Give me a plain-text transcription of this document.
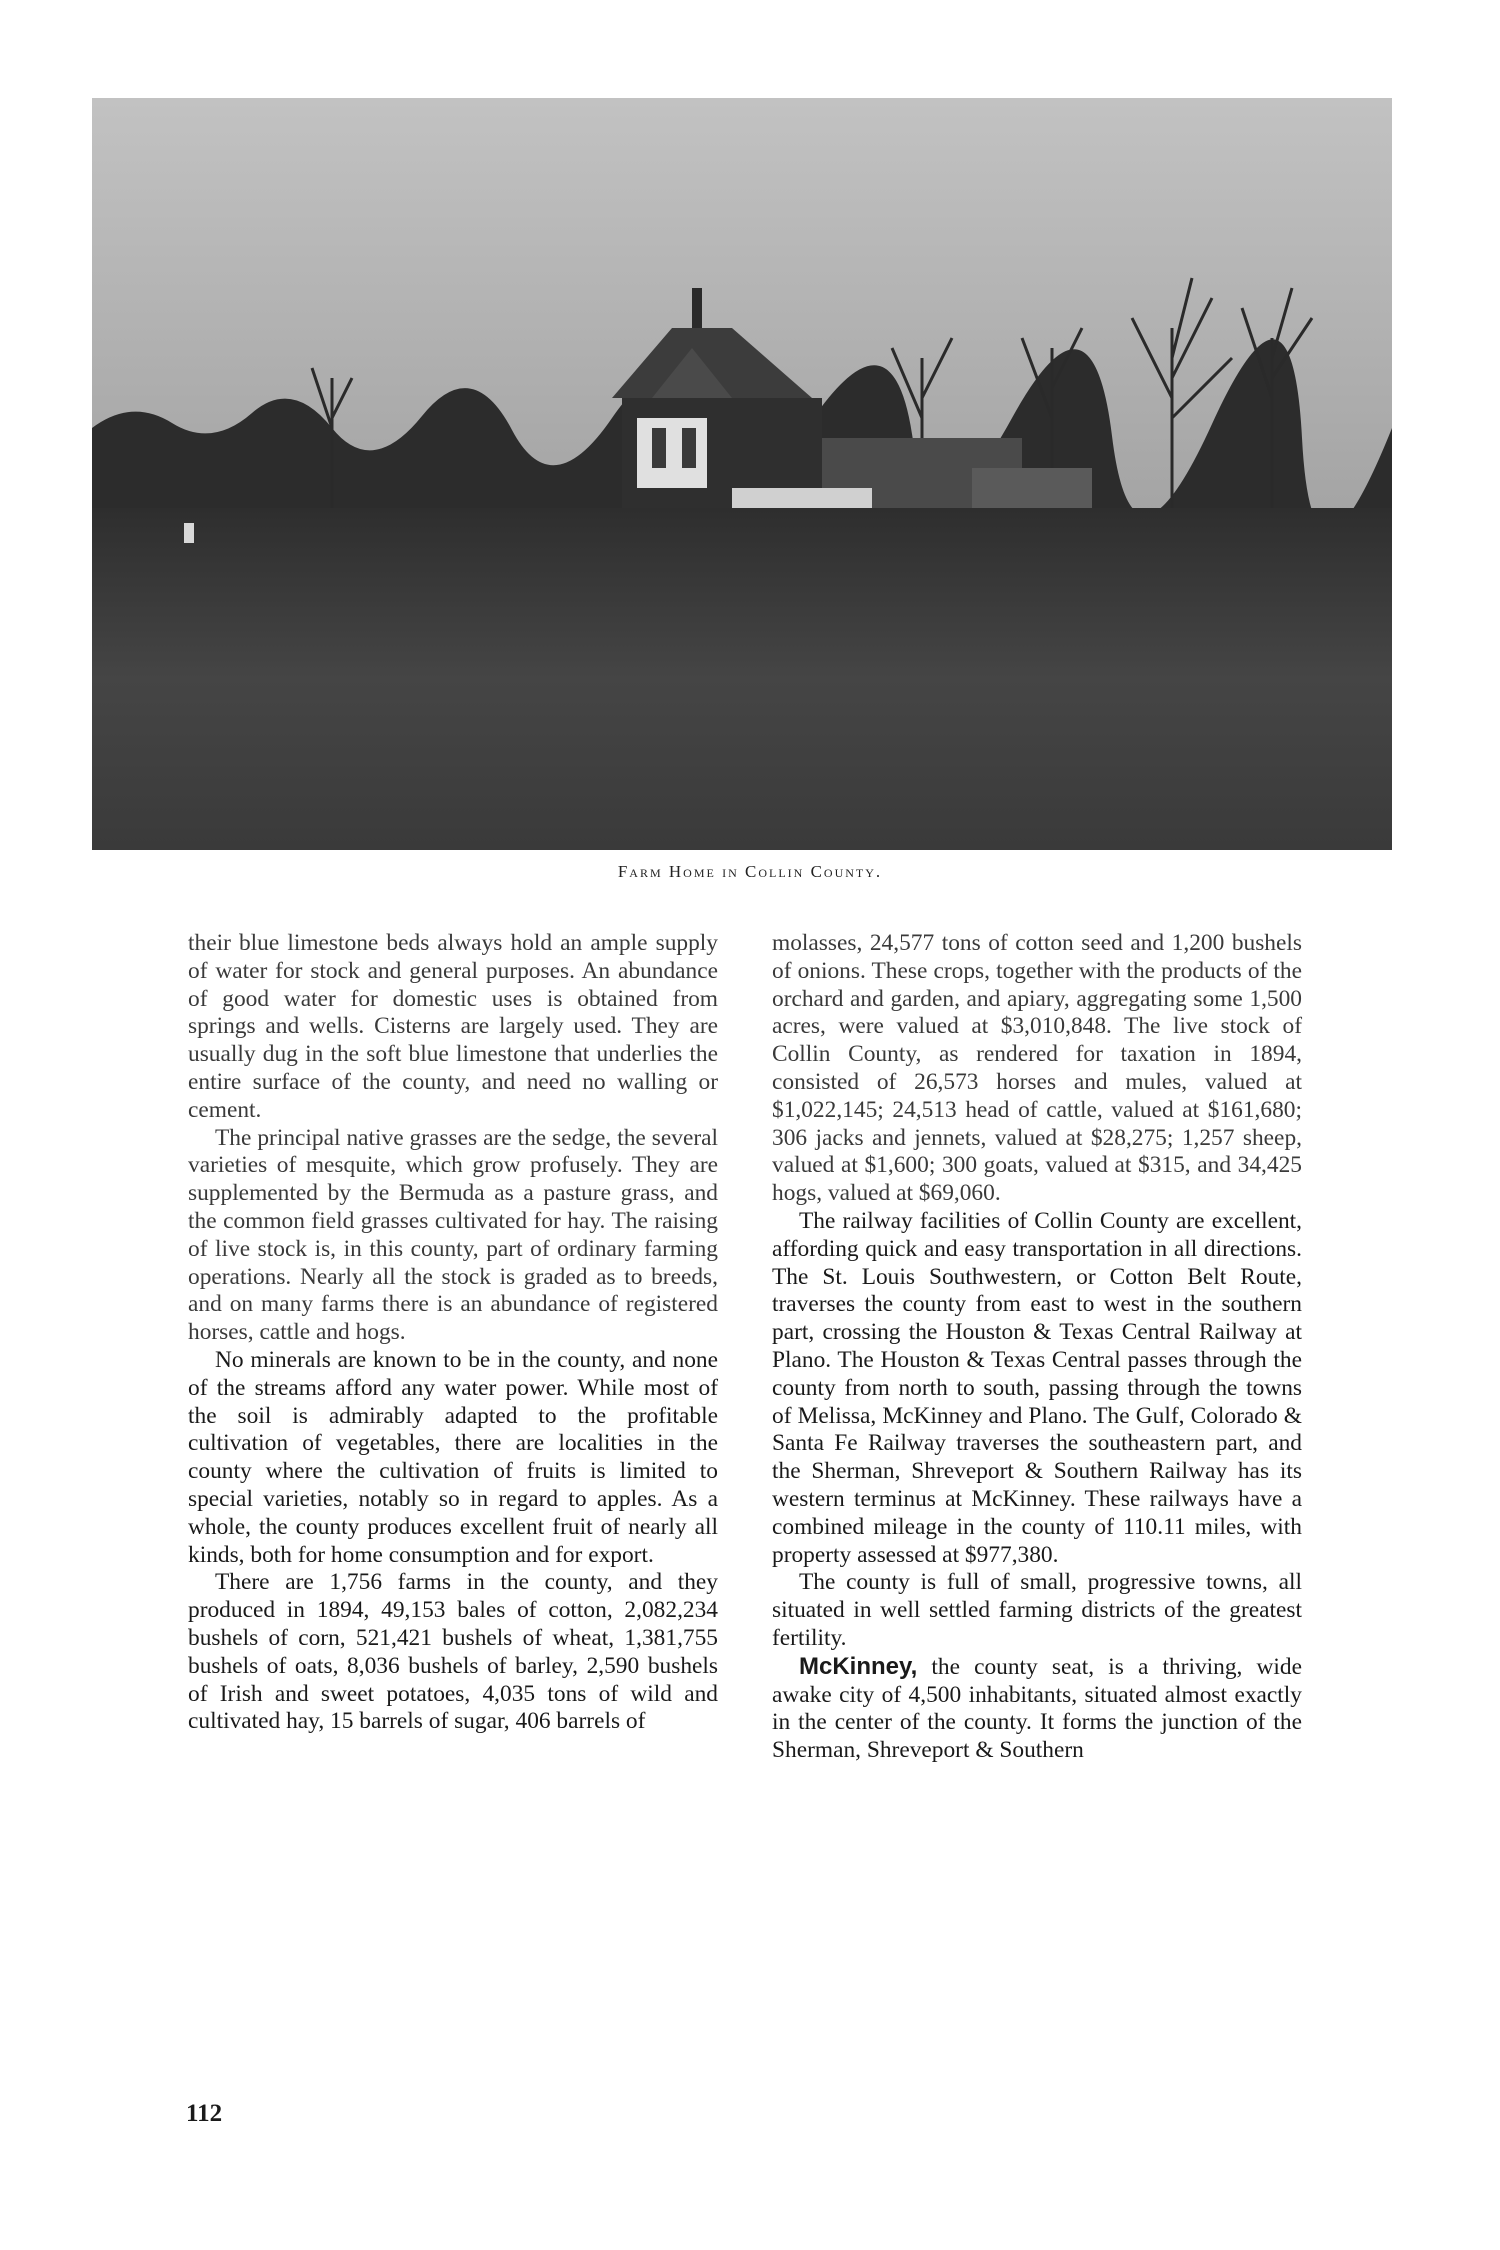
Farm Home in Collin County.

their blue limestone beds always hold an ample supply of water for stock and general purposes. An abundance of good water for domestic uses is obtained from springs and wells. Cisterns are largely used. They are usually dug in the soft blue limestone that underlies the entire surface of the county, and need no walling or cement.

The principal native grasses are the sedge, the several varieties of mesquite, which grow profusely. They are supplemented by the Bermuda as a pasture grass, and the common field grasses cultivated for hay. The raising of live stock is, in this county, part of ordinary farming operations. Nearly all the stock is graded as to breeds, and on many farms there is an abundance of registered horses, cattle and hogs.

No minerals are known to be in the county, and none of the streams afford any water power. While most of the soil is admirably adapted to the profitable cultivation of vegetables, there are localities in the county where the cultivation of fruits is limited to special varieties, notably so in regard to apples. As a whole, the county produces excellent fruit of nearly all kinds, both for home consumption and for export.

There are 1,756 farms in the county, and they produced in 1894, 49,153 bales of cotton, 2,082,234 bushels of corn, 521,421 bushels of wheat, 1,381,755 bushels of oats, 8,036 bushels of barley, 2,590 bushels of Irish and sweet potatoes, 4,035 tons of wild and cultivated hay, 15 barrels of sugar, 406 barrels of

molasses, 24,577 tons of cotton seed and 1,200 bushels of onions. These crops, together with the products of the orchard and garden, and apiary, aggregating some 1,500 acres, were valued at $3,010,848. The live stock of Collin County, as rendered for taxation in 1894, consisted of 26,573 horses and mules, valued at $1,022,145; 24,513 head of cattle, valued at $161,680; 306 jacks and jennets, valued at $28,275; 1,257 sheep, valued at $1,600; 300 goats, valued at $315, and 34,425 hogs, valued at $69,060.

The railway facilities of Collin County are excellent, affording quick and easy transportation in all directions. The St. Louis Southwestern, or Cotton Belt Route, traverses the county from east to west in the southern part, crossing the Houston & Texas Central Railway at Plano. The Houston & Texas Central passes through the county from north to south, passing through the towns of Melissa, McKinney and Plano. The Gulf, Colorado & Santa Fe Railway traverses the southeastern part, and the Sherman, Shreveport & Southern Railway has its western terminus at McKinney. These railways have a combined mileage in the county of 110.11 miles, with property assessed at $977,380.

The county is full of small, progressive towns, all situated in well settled farming districts of the greatest fertility.

McKinney, the county seat, is a thriving, wide awake city of 4,500 inhabitants, situated almost exactly in the center of the county. It forms the junction of the Sherman, Shreveport & Southern

112
